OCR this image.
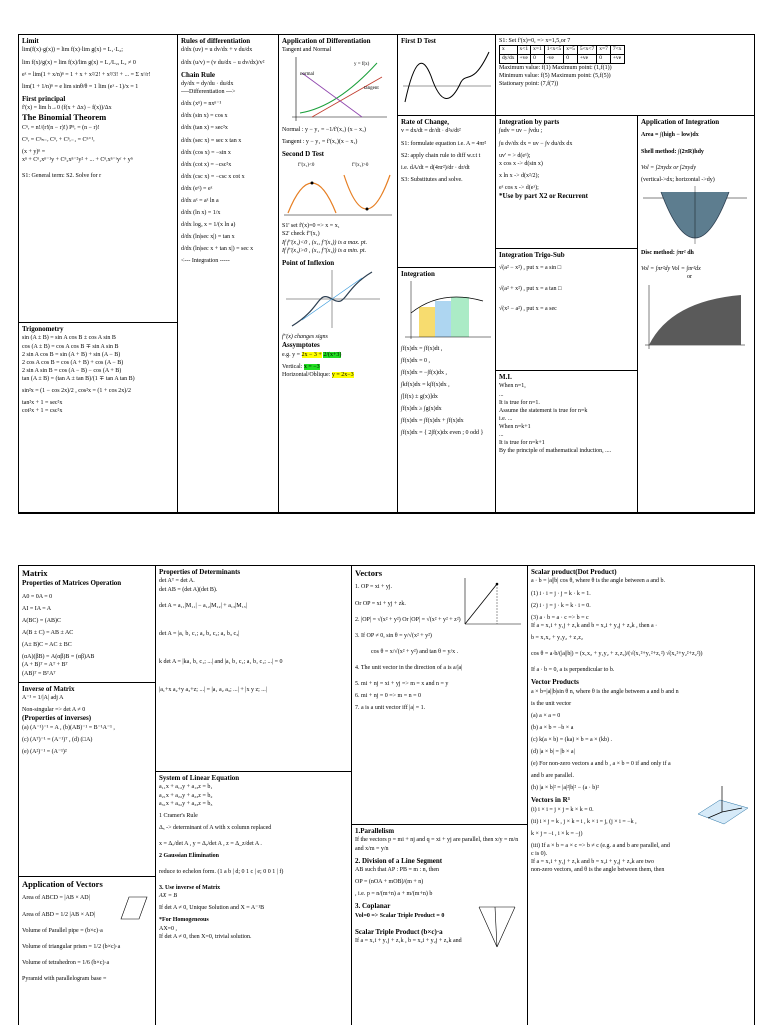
Limit
lim(f(x)·g(x)) = lim f(x)·lim g(x) = L₁·L₂;
lim f(x)/g(x) = lim f(x)/lim g(x) = L₁/L₂, L₂ ≠ 0
eˣ = lim(1 + x/n)ⁿ = 1 + x + x²/2! + x³/3! + ... = Σ xʳ/r!
lim(1 + 1/n)ⁿ = e lim sinθ/θ = 1 lim (eˣ - 1)/x = 1
First principal
f'(x) = lim h→0 (f(x + Δx) − f(x))/Δx
The Binomial Theorem
Cⁿᵣ = n!/(r!(n − r)!) Pⁿᵣ = (n − r)!
Cⁿᵣ = Cⁿₙ₋ᵣ Cⁿᵣ + Cⁿᵣ₋₁ = Cⁿ⁺¹ᵣ
(x + y)ⁿ =
xⁿ + Cⁿ₁xⁿ⁻¹y + Cⁿ₂xⁿ⁻²y² + ... + Cⁿᵣxⁿ⁻ʳyʳ + yⁿ
S1: General term: S2. Solve for r
Trigonometry
sin (A ± B) = sin A cos B ± cos A sin B
cos (A ± B) = cos A cos B ∓ sin A sin B
2 sin A cos B = sin (A + B) + sin (A − B)
2 cos A cos B = cos (A + B) + cos (A − B)
2 sin A sin B = cos (A − B) − cos (A + B)
tan (A ± B) = (tan A ± tan B)/(1 ∓ tan A tan B)
sin²x = (1 − cos 2x)/2 , cos²x = (1 + cos 2x)/2
tan²x + 1 = sec²x
cot²x + 1 = csc²x
Rules of differentiation
d/dx (uv) = u dv/dx + v du/dx
d/dx (u/v) = (v du/dx − u dv/dx)/v²
Chain Rule
dy/dx = dy/du · du/dx
----Differentiation --->
d/dx (xⁿ) = nxⁿ⁻¹
d/dx (sin x) = cos x
d/dx (tan x) = sec²x
d/dx (sec x) = sec x tan x
d/dx (cos x) = −sin x
d/dx (cot x) = −csc²x
d/dx (csc x) = −csc x cot x
d/dx (eˣ) = eˣ
d/dx aˣ = aˣ ln a
d/dx (ln x) = 1/x
d/dx logₐ x = 1/(x ln a)
d/dx (ln|sec x|) = tan x
d/dx (ln|sec x + tan x|) = sec x
<--- Integration -----
Application of Differentiation
Tangent and Normal
normal
y = f(x)
tangent
Normal : y − y₁ = −1/f'(x₁) (x − x₁)
Tangent : y − y₁ = f'(x₁)(x − x₁)
Second D Test
f''(x₁)<0	f''(x₁)>0
S1' set f'(x)=0 => x = x₁
S2' check f''(x₁)
If f''(x₁)<0 , (x₁, f''(x₁)) is a max. pt.
If f''(x₁)>0 , (x₁, f''(x₁)) is a min. pt.
Point of Inflexion
f''(x) changes signs
Assymptotes
e.g. y = 2x − 3 + 2/(x+3)
Vertical: x = −3
Horizontal/Oblique: y = 2x−3
First D Test	S1: Set f'(x)=0, => x=1,5,or 7
x	x<1	x=1	1<x<5	x=5	5<x<7	x=7	7<x
dy/dx	+ve	0	-ve	0	+ve	0	+ve
Maximum value: f(1) Maximum point: (1,f(1))
Minimum value: f(5) Maximum point: (5,f(5))
Stationary point: (7,f(7))
Rate of Change,
v = dx/dt = dr/dt · d²s/dt²
S1: formulate equation i.e. A = 4πr²
S2: apply chain rule to diff w.r.t t
i.e. dA/dt = d(4πr²)/dr · dr/dt
S3: Substitutes and solve.
Integration by parts
∫udv = uv − ∫vdu ;
∫u dv/dx dx = uv − ∫v du/dx dx
uv' = > d(eˣ);
x cos x -> d(sin x)
x ln x -> d(x²/2);
eˣ cos x -> d(eˣ);
*Use by part X2 or Recurrent
Application of Integration
Area = ∫(high − low)dx
Shell method: ∫(2πR)hdy
Vol = ∫2πydx or ∫2πydy
(vertical->dx; horizontal ->dy)
Disc method: ∫πr² dh
Vol = ∫πr²dy Vol = ∫πr²dx
or
Integration
∫f(x)dx = ∫f(x)dt ,
∫f(x)dx = 0 ,
∫f(x)dx = −∫f(x)dx ,
∫kf(x)dx = k∫f(x)dx ,
∫[f(x) ± g(x)]dx
∫f(x)dx ≥ ∫g(x)dx
∫f(x)dx = ∫f(x)dx + ∫f(x)dx
∫f(x)dx = { 2∫f(x)dx even ; 0 odd }
Integration Trigo-Sub
√(a² − x²) , put x = a sin □
√(a² + x²) , put x = a tan □
√(x² − a²) , put x = a sec
M.I.
When n=1,
...
It is true for n=1.
Assume the statement is true for n=k
i.e. ...
When n=k+1
...
It is true for n=k+1
By the principle of mathematical induction, ....
Matrix
Properties of Matrices Operation
A0 = 0A = 0
AI = IA = A
A(BC) = (AB)C
A(B ± C) = AB ± AC
(A± B)C = AC ± BC
(αA)(βB) = A(αβ)B = (αβ)AB
(A + B)ᵀ = Aᵀ + Bᵀ
(AB)ᵀ = BᵀAᵀ
Inverse of Matrix
A⁻¹ = 1/|A| adj A
Non-singular => det A ≠ 0
(Properties of inverses)
(a) (A⁻¹)⁻¹ = A , (b)(AB)⁻¹ = B⁻¹A⁻¹ ,
(c) (Aᵀ)⁻¹ = (A⁻¹)ᵀ , (d) (□A)
(e) (A²)⁻¹ = (A⁻¹)²
Application of Vectors
Area of ABCD = |AB × AD|
Area of ABD = 1/2 |AB × AD|
Volume of Parallel pipe = (b×c)·a
Volume of triangular prism = 1/2 (b×c)·a
Volume of tetrahedron = 1/6 (b×c)·a
Pyramid with parallelogram base =
Properties of Determinants
det Aᵀ = det A.
det AB = (det A)(det B).
det A = a₁₁|M₁₁| − a₁₂|M₁₂| + a₁₃|M₁₃|
det A = |a₁ b₁ c₁; a₂ b₂ c₂; a₃ b₃ c₃|
k det A = |ka₁ b₁ c₁; ...| and |a₁ b₁ c₁; a₁ b₁ c₁; ...| = 0
|a₁+x a₂+y a₃+z; ...| = |a₁ a₂ a₃; ...| + |x y z; ...|
System of Linear Equation
a₁₁x + a₁₂y + a₁₃z = b₁
a₂₁x + a₂₂y + a₂₃z = b₂
a₃₁x + a₃₂y + a₃₃z = b₃
1 Cramer's Rule
Δₓ -> determinant of A with x column replaced
x = Δₓ/det A , y = Δᵧ/det A , z = Δ_z/det A .
2 Gaussian Elimination
reduce to echelon form. (1 a b | d; 0 1 c | e; 0 0 1 | f)
3. Use inverse of Matrix
AX = B
If det A ≠ 0, Unique Solution and X = A⁻¹B
*For Homogeneous
AX=0 ,
If det A ≠ 0, then X=0, trivial solution.
Vectors
1. OP = xi + yj.
Or OP = xi + yj + zk.
2. |OP| = √(x² + y²) Or |OP| = √(x² + y² + z²)
3. If OP ≠ 0, sin θ = y/√(x² + y²)
cos θ = x/√(x² + y²) and tan θ = y/x .
4. The unit vector in the direction of a is a/|a|
5. mi + nj = xi + yj => m = x and n = y
6. mi + nj = 0 => m = n = 0
7. a is a unit vector iff |a| = 1.
1.Parallelism
If the vectors p = mi + nj and q = xi + yj are parallel, then x/y = m/n and x/m = y/n
2. Division of a Line Segment
AB such that AP : PB = m : n, then
OP = (nOA + mOB)/(m + n)
, i.e. p = n/(m+n) a + m/(m+n) b
3. Coplanar
Vol=0 => Scalar Triple Product = 0
Scalar Triple Product (b×c)·a
If a = x₁i + y₁j + z₁k , b = x₂i + y₂j + z₂k and
Scalar product(Dot Product)
a · b = |a||b| cos θ, where θ is the angle between a and b.
(1) i · i = j · j = k · k = 1.
(2) i · j = j · k = k · i = 0.
(3) a · b = a · c => b = c
If a = x₁i + y₁j + z₁k and b = x₂i + y₂j + z₂k , then a ·
b = x₁x₂ + y₁y₂ + z₁z₂
cos θ = a·b/(|a||b|) = (x₁x₂ + y₁y₂ + z₁z₂)/(√(x₁²+y₁²+z₁²) √(x₂²+y₂²+z₂²))
If a · b = 0, a is perpendicular to b.
Vector Products
a × b=|a||b|sin θ n, where θ is the angle between a and b and n
is the unit vector
(a) a × a = 0
(b) a × b = −b × a
(c) k(a × b) = (ka) × b = a × (kb) .
(d) |a × b| = |b × a|
(e) For non-zero vectors a and b , a × b = 0 if and only if a
and b are parallel.
(h) |a × b|² = |a|²|b|² − (a · b)²
Vectors in R³
(i) i × i = j × j = k × k = 0.
(ii) i × j = k , j × k = i , k × i = j, (j × i = −k ,
k × j = −i , i × k = −j)
(iii) If a × b = a × c => b ≠ c (e.g. a and b are parallel, and
c is 0).
If a = x₁i + y₁j + z₁k and b = x₂i + y₂j + z₂k are two
non-zero vectors, and θ is the angle between them, then
